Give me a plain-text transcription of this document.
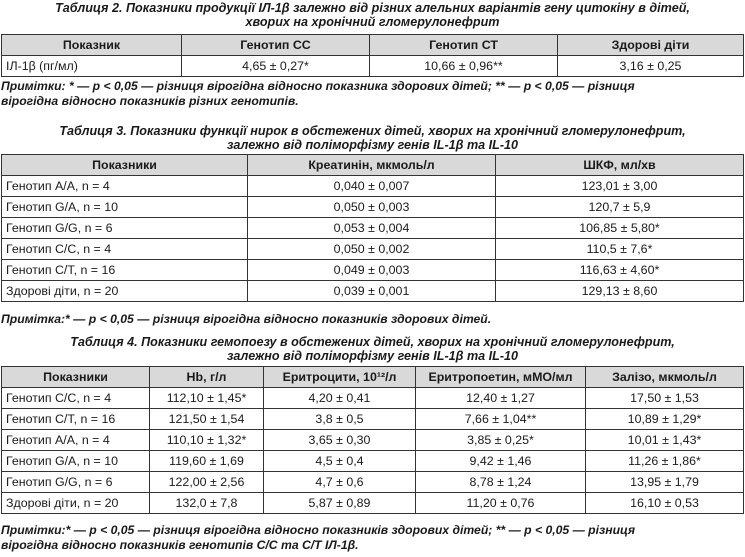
Таблиця 2. Показники продукції ІЛ-1β залежно від різних алельних варіантів гену цитокіну в дітей,

хворих на хронічний гломерулонефрит

Показник	Генотип СС	Генотип СТ	Здорові діти
ІЛ-1β (пг/мл)	4,65 ± 0,27*	10,66 ± 0,96**	3,16 ± 0,25

Примітки: * — р < 0,05 — різниця вірогідна відносно показника здорових дітей; ** — р < 0,05 — різниця

вірогідна відносно показників різних генотипів.

Таблиця 3. Показники функції нирок в обстежених дітей, хворих на хронічний гломерулонефрит,

залежно від поліморфізму генів IL-1β та IL-10

Показники	Креатинін, мкмоль/л	ШКФ, мл/хв
Генотип А/А, n = 4	0,040 ± 0,007	123,01 ± 3,00
Генотип G/A, n = 10	0,050 ± 0,003	120,7 ± 5,9
Генотип G/G, n = 6	0,053 ± 0,004	106,85 ± 5,80*
Генотип С/С, n = 4	0,050 ± 0,002	110,5 ± 7,6*
Генотип С/Т, n = 16	0,049 ± 0,003	116,63 ± 4,60*
Здорові діти, n = 20	0,039 ± 0,001	129,13 ± 8,60

Примітка:* — р < 0,05 — різниця вірогідна відносно показників здорових дітей.

Таблиця 4. Показники гемопоезу в обстежених дітей, хворих на хронічний гломерулонефрит,

залежно від поліморфізму генів IL-1β та IL-10

Показники	Hb, г/л	Еритроцити, 10¹²/л	Еритропоетин, мМО/мл	Залізо, мкмоль/л
Генотип С/С, n = 4	112,10 ± 1,45*	4,20 ± 0,41	12,40 ± 1,27	17,50 ± 1,53
Генотип С/Т, n = 16	121,50 ± 1,54	3,8 ± 0,5	7,66 ± 1,04**	10,89 ± 1,29*
Генотип А/А, n = 4	110,10 ± 1,32*	3,65 ± 0,30	3,85 ± 0,25*	10,01 ± 1,43*
Генотип G/A, n = 10	119,60 ± 1,69	4,5 ± 0,4	9,42 ± 1,46	11,26 ± 1,86*
Генотип G/G, n = 6	122,00 ± 2,56	4,7 ± 0,6	8,78 ± 1,24	13,95 ± 1,79
Здорові діти, n = 20	132,0 ± 7,8	5,87 ± 0,89	11,20 ± 0,76	16,10 ± 0,53

Примітки:* — р < 0,05 — різниця вірогідна відносно показників здорових дітей; ** — р < 0,05 — різниця

вірогідна відносно показників генотипів С/С та С/Т ІЛ-1β.
